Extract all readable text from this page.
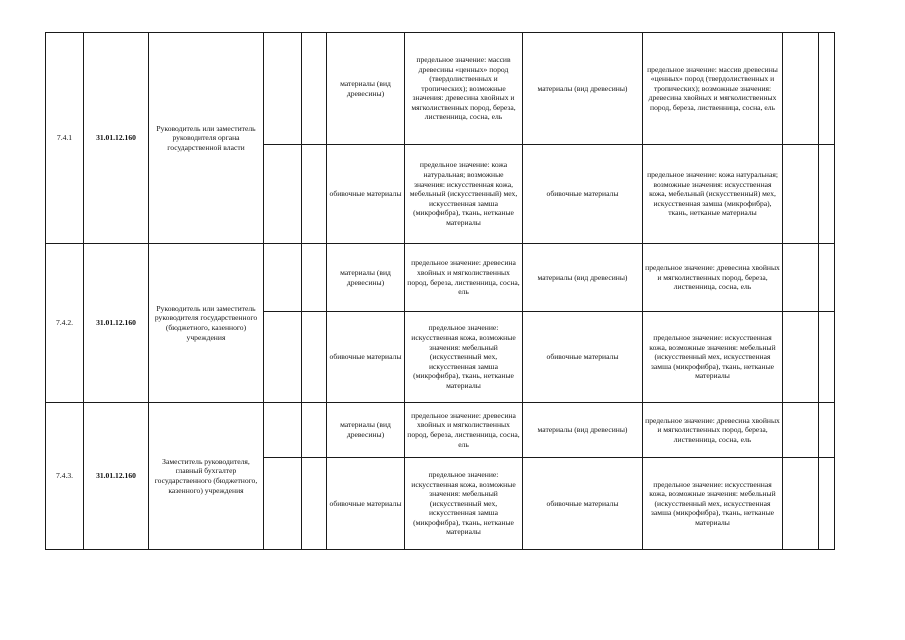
7.4.1	31.01.12.160	Руководитель или заместитель руководителя органа государственной власти			материалы (вид древесины)	предельное значение: массив древесины «ценных» пород (твердолиственных и тропических); возможные значения: древесина хвойных и мягколиственных пород, береза, лиственница, сосна, ель	материалы (вид древесины)	предельное значение: массив древесины «ценных» пород (твердолиственных и тропических); возможные значения: древесина хвойных и мягколиственных пород, береза, лиственница, сосна, ель		
					обивочные материалы	предельное значение: кожа натуральная; возможные значения: искусственная кожа, мебельный (искусственный) мех, искусственная замша (микрофибра), ткань, нетканые материалы	обивочные материалы	предельное значение: кожа натуральная; возможные значения: искусственная кожа, мебельный (искусственный) мех, искусственная замша (микрофибра), ткань, нетканые материалы		
7.4.2.	31.01.12.160	Руководитель или заместитель руководителя государственного (бюджетного, казенного) учреждения			материалы (вид древесины)	предельное значение: древесина хвойных и мягколиственных пород, береза, лиственница, сосна, ель	материалы (вид древесины)	предельное значение: древесина хвойных и мягколиственных пород, береза, лиственница, сосна, ель		
					обивочные материалы	предельное значение: искусственная кожа, возможные значения: мебельный (искусственный мех, искусственная замша (микрофибра), ткань, нетканые материалы	обивочные материалы	предельное значение: искусственная кожа, возможные значения: мебельный (искусственный мех, искусственная замша (микрофибра), ткань, нетканые материалы		
7.4.3.	31.01.12.160	Заместитель руководителя, главный бухгалтер государственного (бюджетного, казенного) учреждения			материалы (вид древесины)	предельное значение: древесина хвойных и мягколиственных пород, береза, лиственница, сосна, ель	материалы (вид древесины)	предельное значение: древесина хвойных и мягколиственных пород, береза, лиственница, сосна, ель		
					обивочные материалы	предельное значение: искусственная кожа, возможные значения: мебельный (искусственный мех, искусственная замша (микрофибра), ткань, нетканые материалы	обивочные материалы	предельное значение: искусственная кожа, возможные значения: мебельный (искусственный мех, искусственная замша (микрофибра), ткань, нетканые материалы		
